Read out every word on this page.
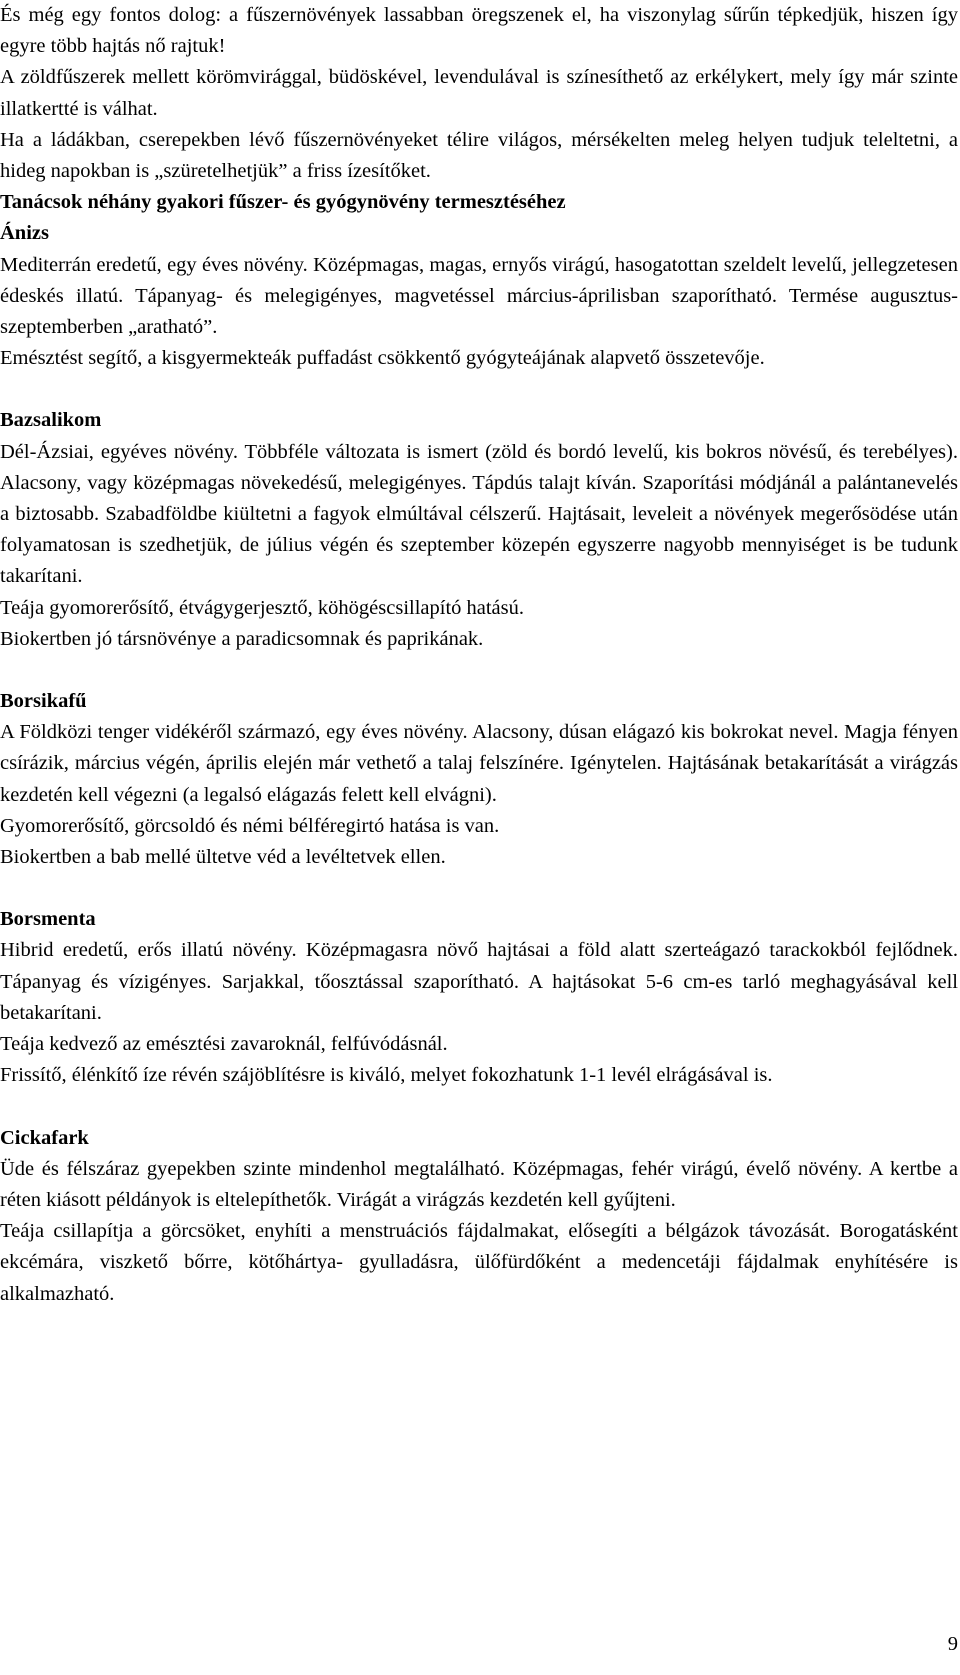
És még egy fontos dolog: a fűszernövények lassabban öregszenek el, ha viszonylag sűrűn tépkedjük, hiszen így egyre több hajtás nő rajtuk!

A zöldfűszerek mellett körömvirággal, büdöskével, levendulával is színesíthető az erkélykert, mely így már szinte illatkertté is válhat.

Ha a ládákban, cserepekben lévő fűszernövényeket télire világos, mérsékelten meleg helyen tudjuk teleltetni, a hideg napokban is „szüretelhetjük” a friss ízesítőket.

Tanácsok néhány gyakori fűszer- és gyógynövény termesztéséhez
Ánizs

Mediterrán eredetű, egy éves növény. Középmagas, magas, ernyős virágú, hasogatottan szeldelt levelű, jellegzetesen édeskés illatú. Tápanyag- és melegigényes, magvetéssel március-áprilisban szaporítható. Termése augusztus-szeptemberben „aratható”.

Emésztést segítő, a kisgyermekteák puffadást csökkentő gyógyteájának alapvető összetevője.

Bazsalikom

Dél-Ázsiai, egyéves növény. Többféle változata is ismert (zöld és bordó levelű, kis bokros növésű, és terebélyes). Alacsony, vagy középmagas növekedésű, melegigényes. Tápdús talajt kíván. Szaporítási módjánál a palántanevelés a biztosabb. Szabadföldbe kiültetni a fagyok elmúltával célszerű. Hajtásait, leveleit a növények megerősödése után folyamatosan is szedhetjük, de július végén és szeptember közepén egyszerre nagyobb mennyiséget is be tudunk takarítani.

Teája gyomorerősítő, étvágygerjesztő, köhögéscsillapító hatású.

Biokertben jó társnövénye a paradicsomnak és paprikának.

Borsikafű

A Földközi tenger vidékéről származó, egy éves növény. Alacsony, dúsan elágazó kis bokrokat nevel. Magja fényen csírázik, március végén, április elején már vethető a talaj felszínére. Igénytelen. Hajtásának betakarítását a virágzás kezdetén kell végezni (a legalsó elágazás felett kell elvágni).

Gyomorerősítő, görcsoldó és némi bélféregirtó hatása is van.

Biokertben a bab mellé ültetve véd a levéltetvek ellen.

Borsmenta

Hibrid eredetű, erős illatú növény. Középmagasra növő hajtásai a föld alatt szerteágazó tarackokból fejlődnek. Tápanyag és vízigényes. Sarjakkal, tőosztással szaporítható. A hajtásokat 5-6 cm-es tarló meghagyásával kell betakarítani.

Teája kedvező az emésztési zavaroknál, felfúvódásnál.

Frissítő, élénkítő íze révén szájöblítésre is kiváló, melyet fokozhatunk 1-1 levél elrágásával is.

Cickafark

Üde és félszáraz gyepekben szinte mindenhol megtalálható. Középmagas, fehér virágú, évelő növény. A kertbe a réten kiásott példányok is eltelepíthetők. Virágát a virágzás kezdetén kell gyűjteni.

Teája csillapítja a görcsöket, enyhíti a menstruációs fájdalmakat, elősegíti a bélgázok távozását. Borogatásként ekcémára, viszkető bőrre, kötőhártya- gyulladásra, ülőfürdőként a medencetáji fájdalmak enyhítésére is alkalmazható.

9
